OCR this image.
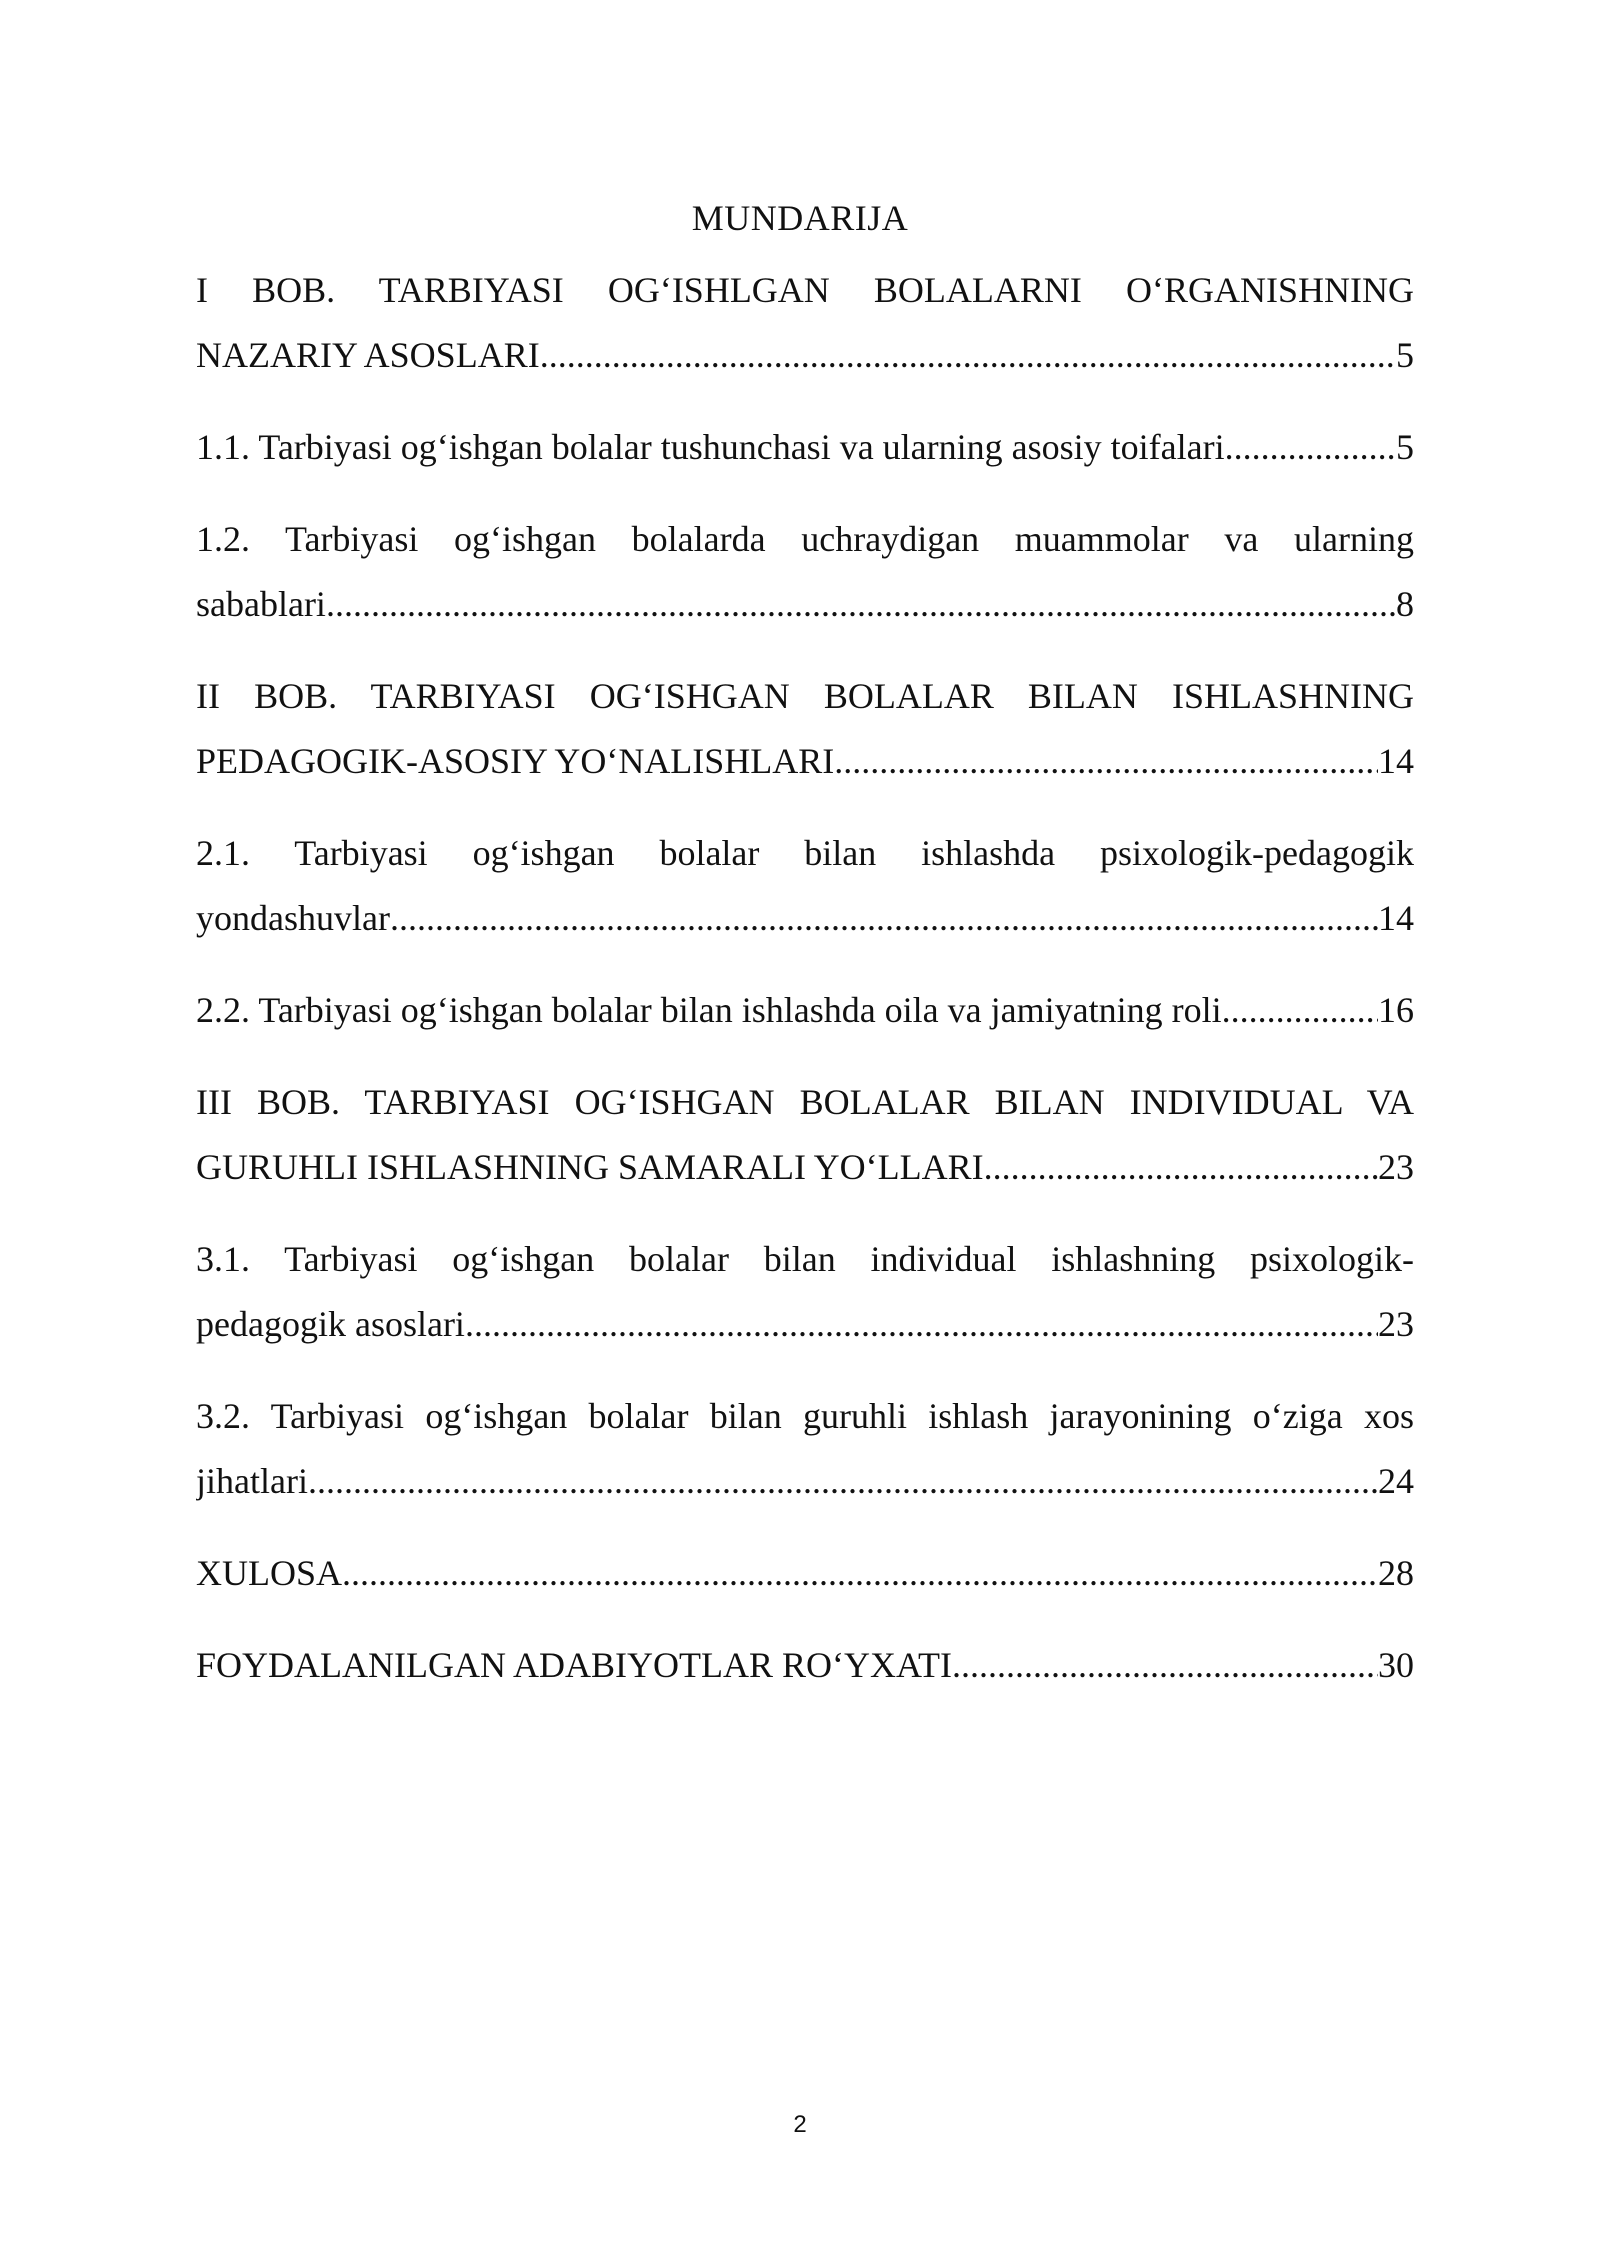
MUNDARIJA
I BOB. TARBIYASI OG‘ISHLGAN BOLALARNI O‘RGANISHNING
NAZARIY ASOSLARI .....	5
1.1. Tarbiyasi og‘ishgan bolalar tushunchasi va ularning asosiy toifalari .....	5
1.2. Tarbiyasi og‘ishgan bolalarda uchraydigan muammolar va ularning
sabablari .....	8
II BOB. TARBIYASI OG‘ISHGAN BOLALAR BILAN ISHLASHNING
PEDAGOGIK-ASOSIY YO‘NALISHLARI .....	14
2.1. Tarbiyasi og‘ishgan bolalar bilan ishlashda psixologik-pedagogik
yondashuvlar .....	14
2.2. Tarbiyasi og‘ishgan bolalar bilan ishlashda oila va jamiyatning roli .....	16
III BOB. TARBIYASI OG‘ISHGAN BOLALAR BILAN INDIVIDUAL VA
GURUHLI ISHLASHNING SAMARALI YO‘LLARI .....	23
3.1. Tarbiyasi og‘ishgan bolalar bilan individual ishlashning psixologik-
pedagogik asoslari .....	23
3.2. Tarbiyasi og‘ishgan bolalar bilan guruhli ishlash jarayonining o‘ziga xos
jihatlari .....	24
XULOSA .....	28
FOYDALANILGAN ADABIYOTLAR RO‘YXATI .....	30
2
